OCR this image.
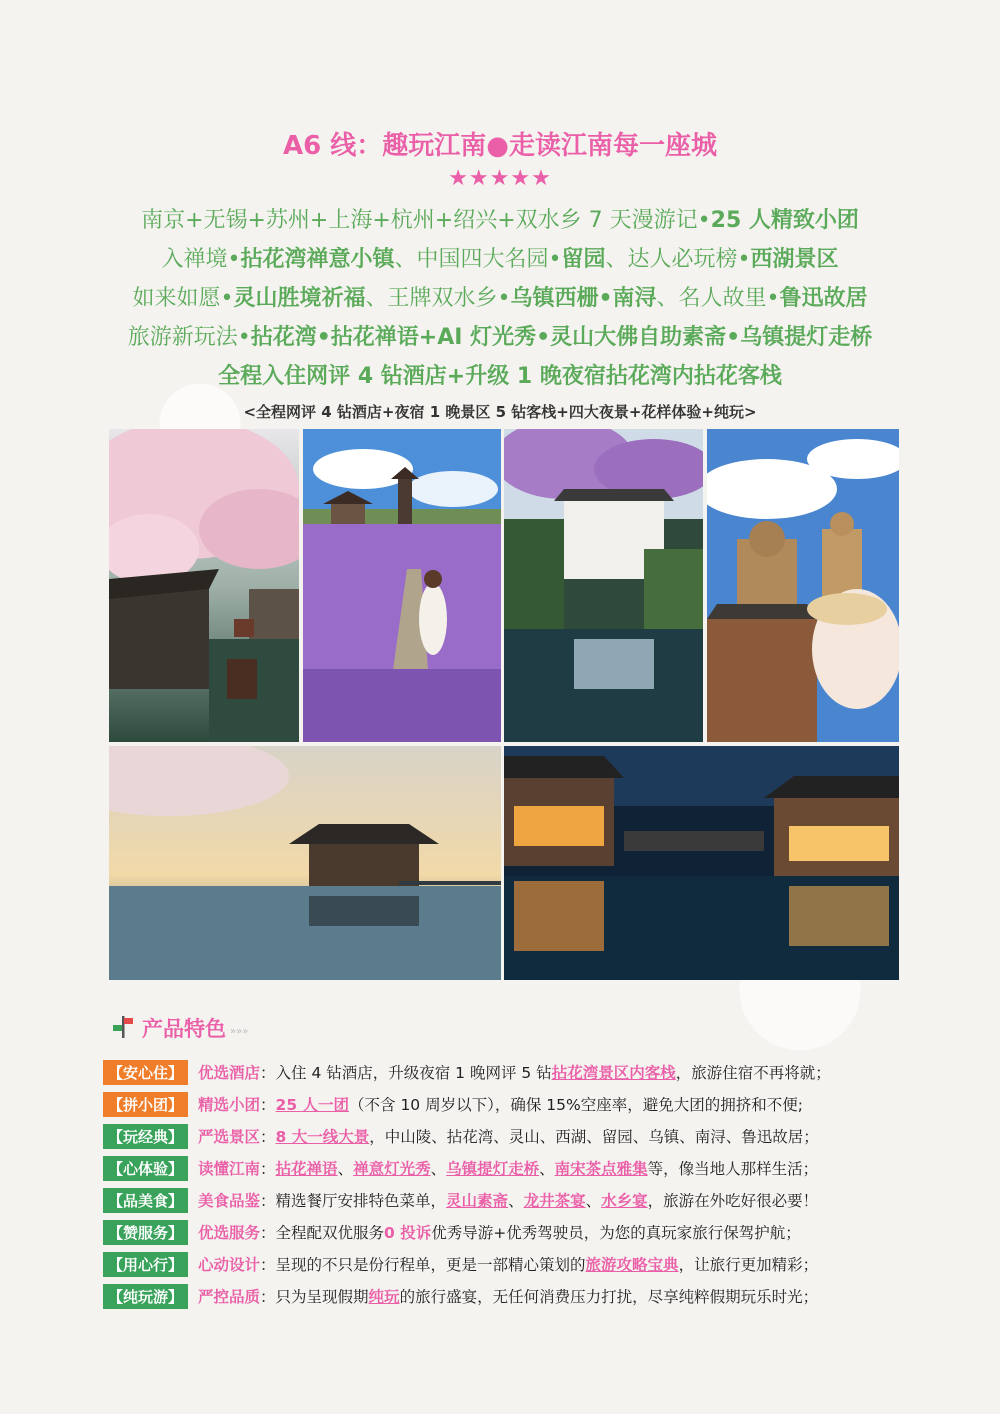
A6 线：趣玩江南●走读江南每一座城
★★★★★
南京+无锡+苏州+上海+杭州+绍兴+双水乡 7 天漫游记•25 人精致小团
入禅境•拈花湾禅意小镇、中国四大名园•留园、达人必玩榜•西湖景区
如来如愿•灵山胜境祈福、王牌双水乡•乌镇西栅•南浔、名人故里•鲁迅故居
旅游新玩法•拈花湾•拈花禅语+AI 灯光秀•灵山大佛自助素斋•乌镇提灯走桥
全程入住网评 4 钻酒店+升级 1 晚夜宿拈花湾内拈花客栈
<全程网评 4 钻酒店+夜宿 1 晚景区 5 钻客栈+四大夜景+花样体验+纯玩>
产品特色 »»»
【安心住】 优选酒店 ：入住 4 钻酒店，升级夜宿 1 晚网评 5 钻 拈花湾景区内客栈 ，旅游住宿不再将就；
【拼小团】 精选小团 ： 25 人一团 （不含 10 周岁以下），确保 15%空座率，避免大团的拥挤和不便;
【玩经典】 严选景区 ： 8 大一线大景 ，中山陵、拈花湾、灵山、西湖、留园、乌镇、南浔、鲁迅故居；
【心体验】 读懂江南 ： 拈花禅语 、 禅意灯光秀 、 乌镇提灯走桥 、 南宋茶点雅集 等，像当地人那样生活；
【品美食】 美食品鉴 ：精选餐厅安排特色菜单， 灵山素斋 、 龙井茶宴 、 水乡宴 ，旅游在外吃好很必要！
【赞服务】 优选服务 ：全程配双优服务 0 投诉 优秀导游+优秀驾驶员，为您的真玩家旅行保驾护航；
【用心行】 心动设计 ：呈现的不只是份行程单，更是一部精心策划的 旅游攻略宝典 ，让旅行更加精彩；
【纯玩游】 严控品质 ：只为呈现假期 纯玩 的旅行盛宴，无任何消费压力打扰，尽享纯粹假期玩乐时光；
